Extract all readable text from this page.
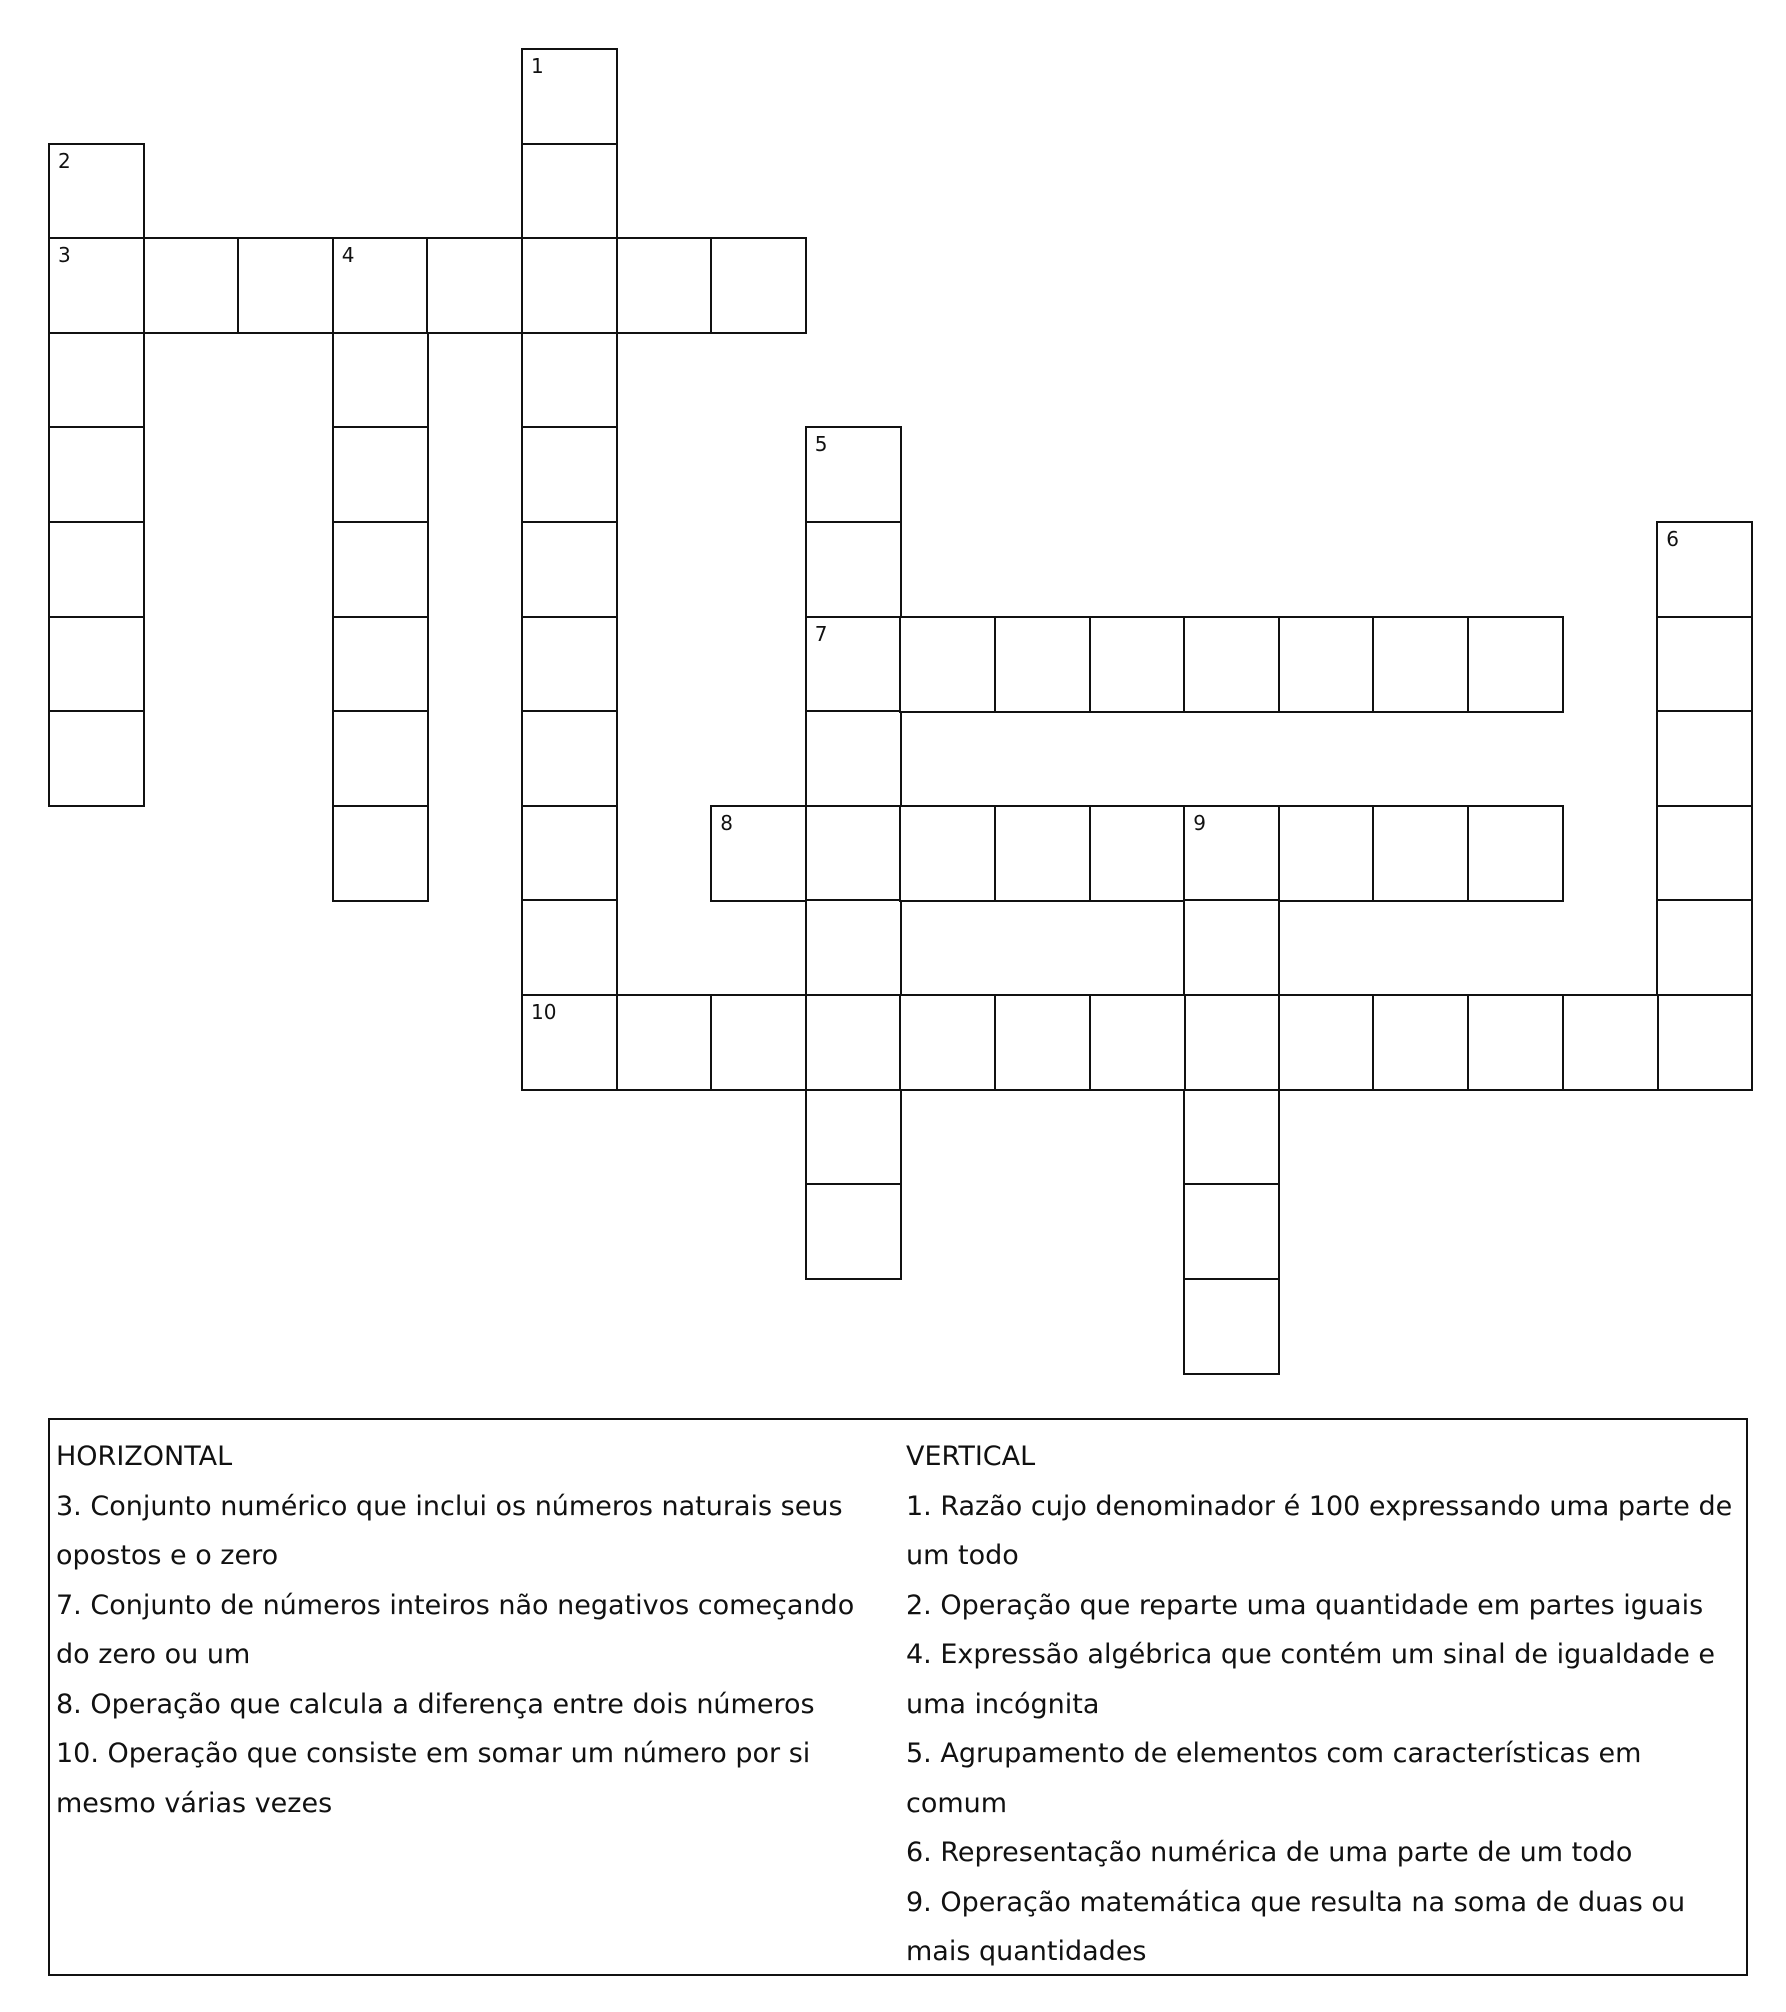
1
2
3	4
5
7
6
8	9
10
HORIZONTAL
3. Conjunto numérico que inclui os números naturais seus opostos e o zero
7. Conjunto de números inteiros não negativos começando do zero ou um
8. Operação que calcula a diferença entre dois números
10. Operação que consiste em somar um número por si mesmo várias vezes
VERTICAL
1. Razão cujo denominador é 100 expressando uma parte de um todo
2. Operação que reparte uma quantidade em partes iguais
4. Expressão algébrica que contém um sinal de igualdade e uma incógnita
5. Agrupamento de elementos com características em comum
6. Representação numérica de uma parte de um todo
9. Operação matemática que resulta na soma de duas ou mais quantidades
